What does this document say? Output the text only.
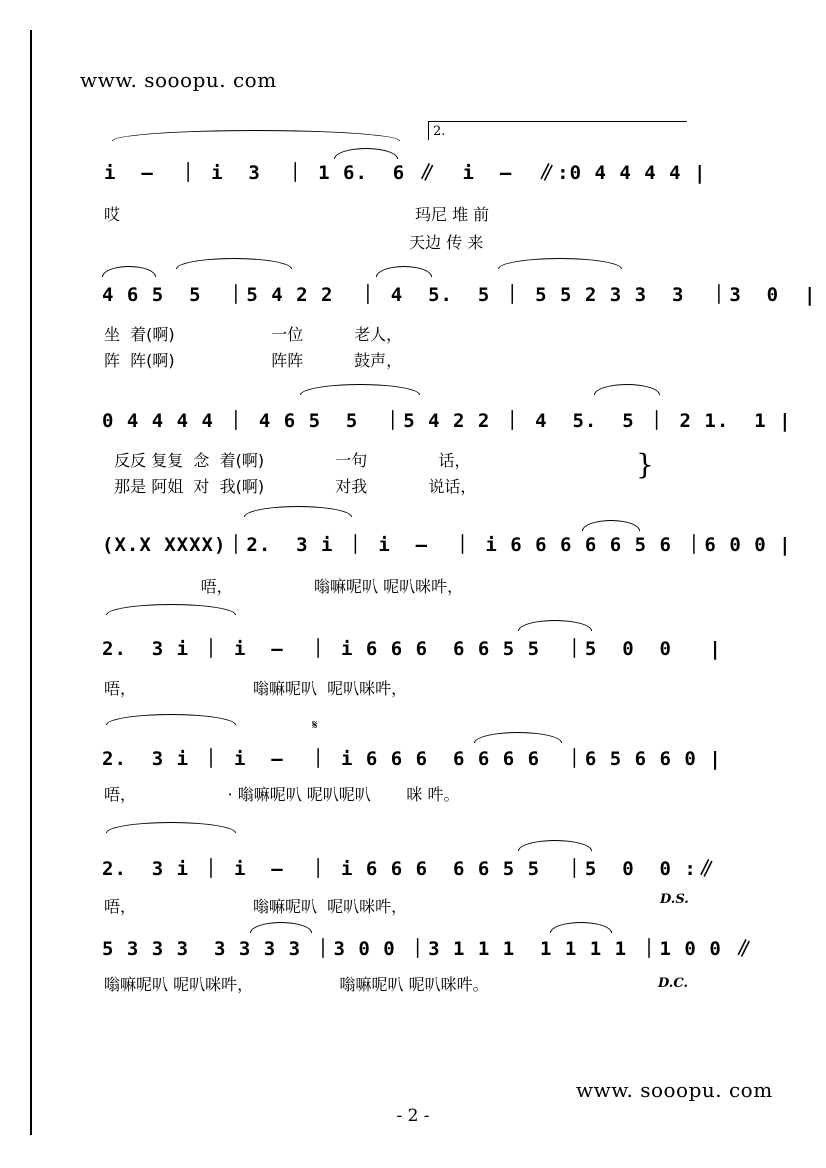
www. sooopu. com
2.
i  –  ｜ i  3  ｜ 1 6.  6 ∥  i  –  ∥:0 4 4 4 4 |
哎                                                          玛尼 堆 前
天边 传 来
4 6 5  5  ｜5 4 2 2  ｜ 4  5.  5 ｜ 5 5 2 3 3  3  ｜3  0  |
坐  着(啊)                   一位          老人，
阵  阵(啊)                   阵阵          鼓声，
0 4 4 4 4 ｜ 4 6 5  5  ｜5 4 2 2 ｜ 4  5.  5 ｜ 2 1.  1 |
反反 复复  念  着(啊)              一句              话，
那是 阿姐  对  我(啊)              对我            说话，
}
(X.X XXXX)｜2.  3 i ｜ i  –  ｜ i 6 6 6 6 6 5 6 ｜6 0 0 |
唔，                嗡嘛呢叭 呢叭咪吽，
2.  3 i ｜ i  –  ｜ i 6 6 6  6 6 5 5  ｜5  0  0   |
唔，                       嗡嘛呢叭  呢叭咪吽，
𝄋
2.  3 i ｜ i  –  ｜ i 6 6 6  6 6 6 6  ｜6 5 6 6 0 |
唔，                  · 嗡嘛呢叭 呢叭呢叭       咪 吽。
2.  3 i ｜ i  –  ｜ i 6 6 6  6 6 5 5  ｜5  0  0 :∥
唔，                       嗡嘛呢叭  呢叭咪吽，	D.S.
5 3 3 3  3 3 3 3 ｜3 0 0 ｜3 1 1 1  1 1 1 1 ｜1 0 0 ∥
嗡嘛呢叭 呢叭咪吽，                 嗡嘛呢叭 呢叭咪吽。	D.C.
www. sooopu. com
- 2 -
